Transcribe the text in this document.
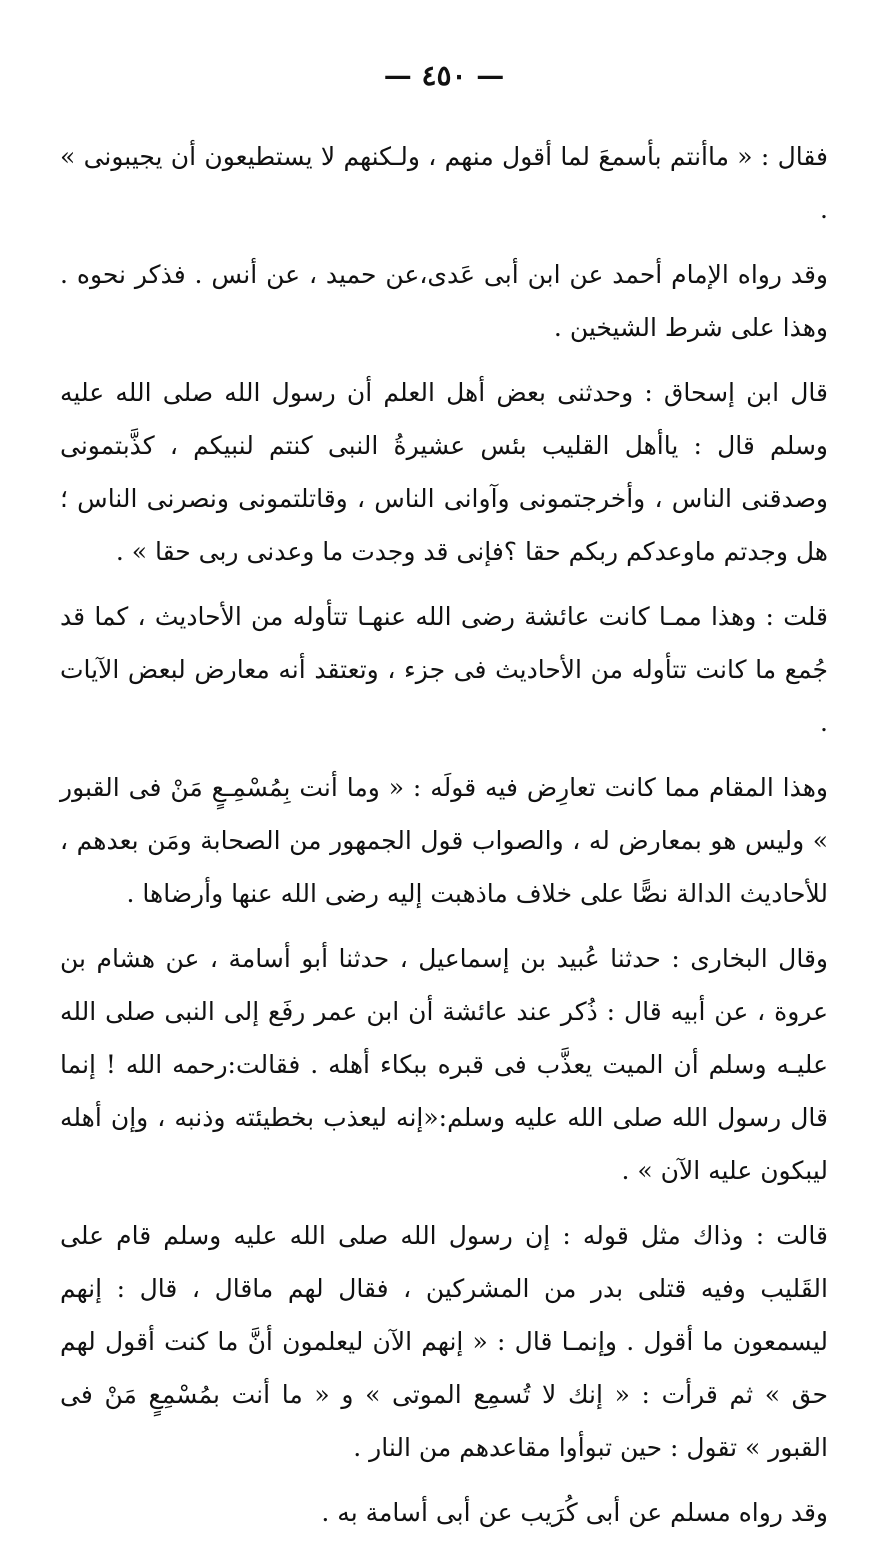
— ٤٥٠ —

فقال : « ماأنتم بأسمعَ لما أقول منهم ، ولـكنهم لا يستطيعون أن يجيبونى » .

وقد رواه الإمام أحمد عن ابن أبى عَدى،عن حميد ، عن أنس . فذكر نحوه . وهذا على شرط الشيخين .

قال ابن إسحاق : وحدثنى بعض أهل العلم أن رسول الله صلى الله عليه وسلم قال : ياأهل القليب بئس عشيرةُ النبى كنتم لنبيكم ، كذَّبتمونى وصدقنى الناس ، وأخرجتمونى وآوانى الناس ، وقاتلتمونى ونصرنى الناس ؛ هل وجدتم ماوعدكم ربكم حقا ؟فإنى قد وجدت ما وعدنى ربى حقا » .

قلت : وهذا ممـا كانت عائشة رضى الله عنهـا تتأوله من الأحاديث ، كما قد جُمع ما كانت تتأوله من الأحاديث فى جزء ، وتعتقد أنه معارض لبعض الآيات .

وهذا المقام مما كانت تعارِض فيه قولَه : « وما أنت بِمُسْمِـعٍ مَنْ فى القبور » وليس هو بمعارض له ، والصواب قول الجمهور من الصحابة ومَن بعدهم ، للأحاديث الدالة نصًّا على خلاف ماذهبت إليه رضى الله عنها وأرضاها .

وقال البخارى : حدثنا عُبيد بن إسماعيل ، حدثنا أبو أسامة ، عن هشام بن عروة ، عن أبيه قال : ذُكر عند عائشة أن ابن عمر رفَع إلى النبى صلى الله عليـه وسلم أن الميت يعذَّب فى قبره ببكاء أهله . فقالت:رحمه الله ! إنما قال رسول الله صلى الله عليه وسلم:«إنه ليعذب بخطيئته وذنبه ، وإن أهله ليبكون عليه الآن » .

قالت : وذاك مثل قوله : إن رسول الله صلى الله عليه وسلم قام على القَليب وفيه قتلى بدر من المشركين ، فقال لهم ماقال ، قال : إنهم ليسمعون ما أقول . وإنمـا قال : « إنهم الآن ليعلمون أنَّ ما كنت أقول لهم حق » ثم قرأت : « إنك لا تُسمِع الموتى » و « ما أنت بمُسْمِعٍ مَنْ فى القبور » تقول : حين تبوأوا مقاعدهم من النار .

وقد رواه مسلم عن أبى كُرَيب عن أبى أسامة به .
